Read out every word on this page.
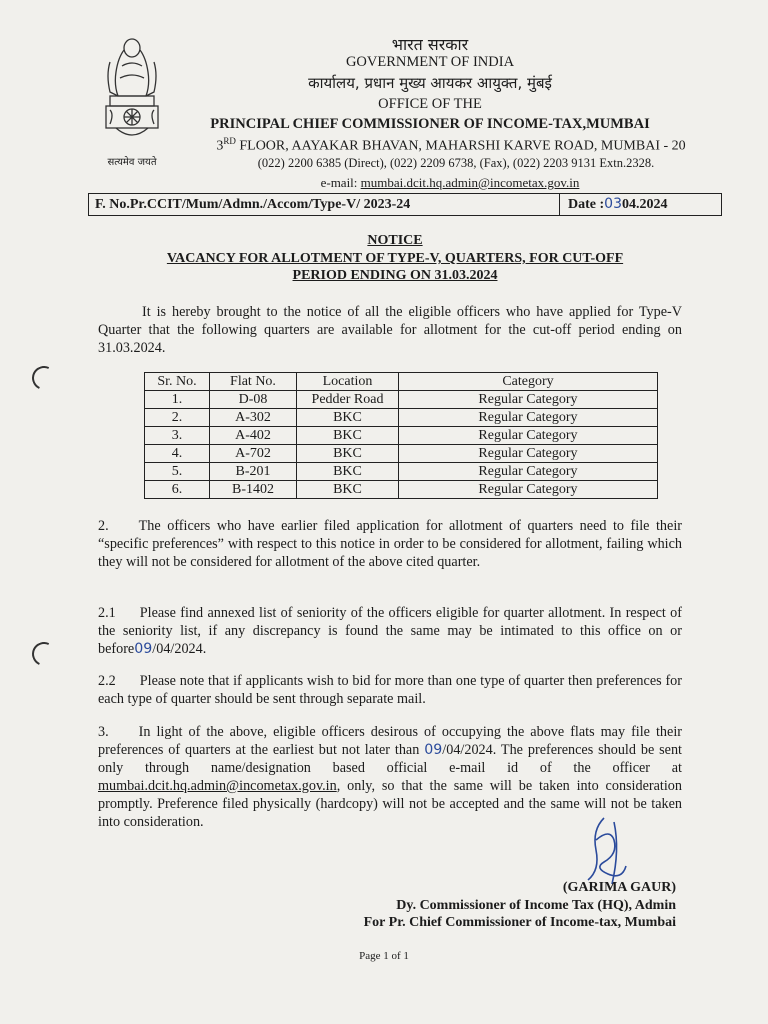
सत्यमेव जयते
भारत सरकार
GOVERNMENT OF INDIA
कार्यालय, प्रधान मुख्य आयकर आयुक्त, मुंबई
OFFICE OF THE
PRINCIPAL CHIEF COMMISSIONER OF INCOME-TAX,MUMBAI
3RD FLOOR, AAYAKAR BHAVAN, MAHARSHI KARVE ROAD, MUMBAI - 20
(022) 2200 6385 (Direct), (022) 2209 6738, (Fax), (022) 2203 9131 Extn.2328.
e-mail: mumbai.dcit.hq.admin@incometax.gov.in
F. No.Pr.CCIT/Mum/Admn./Accom/Type-V/ 2023-24	Date :0304.2024
NOTICE
VACANCY FOR ALLOTMENT OF TYPE-V, QUARTERS, FOR CUT-OFF
PERIOD ENDING ON 31.03.2024
It is hereby brought to the notice of all the eligible officers who have applied for Type-V Quarter that the following quarters are available for allotment for the cut-off period ending on 31.03.2024.
Sr. No.	Flat No.	Location	Category
1.	D-08	Pedder Road	Regular Category
2.	A-302	BKC	Regular Category
3.	A-402	BKC	Regular Category
4.	A-702	BKC	Regular Category
5.	B-201	BKC	Regular Category
6.	B-1402	BKC	Regular Category
2. The officers who have earlier filed application for allotment of quarters need to file their “specific preferences” with respect to this notice in order to be considered for allotment, failing which they will not be considered for allotment of the above cited quarter.
2.1 Please find annexed list of seniority of the officers eligible for quarter allotment. In respect of the seniority list, if any discrepancy is found the same may be intimated to this office on or before09/04/2024.
2.2 Please note that if applicants wish to bid for more than one type of quarter then preferences for each type of quarter should be sent through separate mail.
3. In light of the above, eligible officers desirous of occupying the above flats may file their preferences of quarters at the earliest but not later than 09/04/2024. The preferences should be sent only through name/designation based official e-mail id of the officer at mumbai.dcit.hq.admin@incometax.gov.in, only, so that the same will be taken into consideration promptly. Preference filed physically (hardcopy) will not be accepted and the same will not be taken into consideration.
(GARIMA GAUR)
Dy. Commissioner of Income Tax (HQ), Admin
For Pr. Chief Commissioner of Income-tax, Mumbai
Page 1 of 1
